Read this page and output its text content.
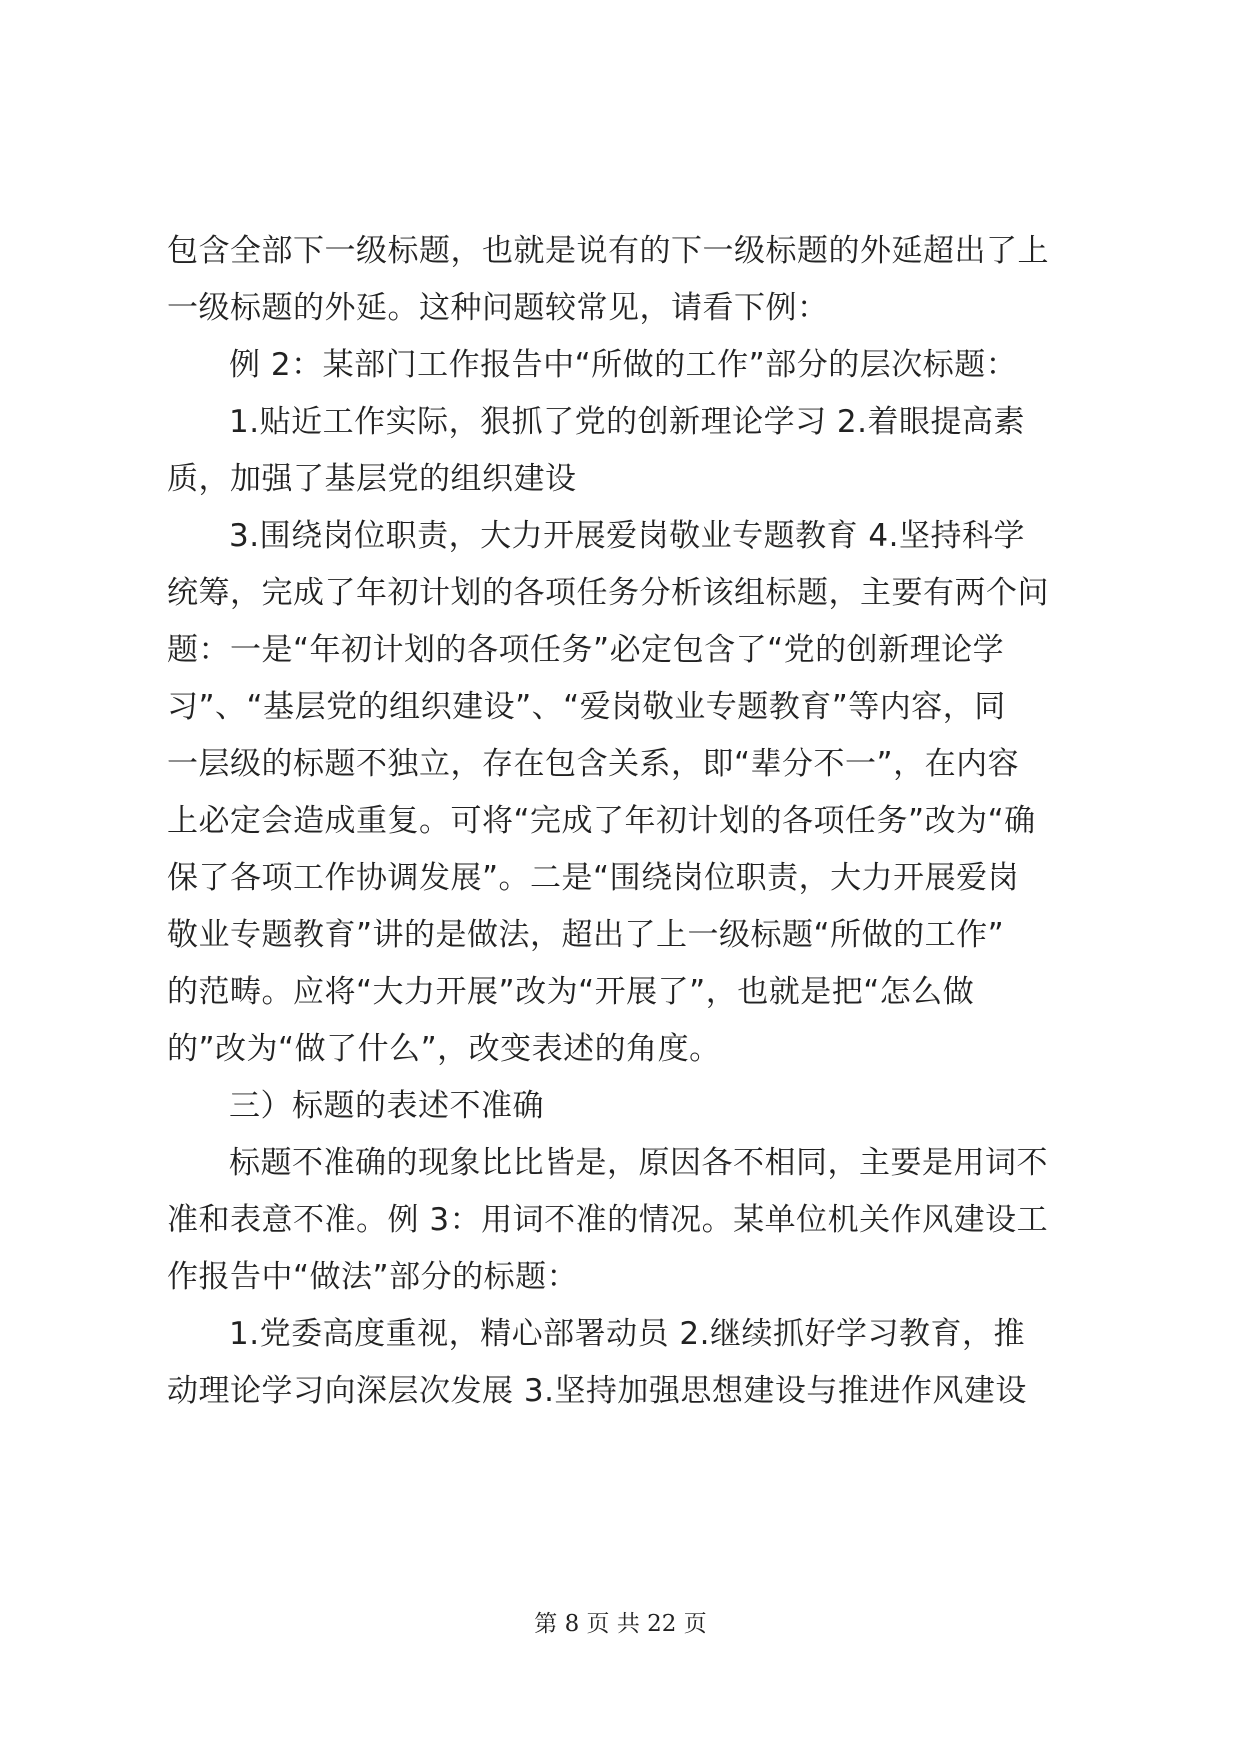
包含全部下一级标题，也就是说有的下一级标题的外延超出了上
一级标题的外延。这种问题较常见，请看下例：
例 2：某部门工作报告中“所做的工作”部分的层次标题：
1.贴近工作实际，狠抓了党的创新理论学习 2.着眼提高素
质，加强了基层党的组织建设
3.围绕岗位职责，大力开展爱岗敬业专题教育 4.坚持科学
统筹，完成了年初计划的各项任务分析该组标题，主要有两个问
题：一是“年初计划的各项任务”必定包含了“党的创新理论学
习”、“基层党的组织建设”、“爱岗敬业专题教育”等内容，同
一层级的标题不独立，存在包含关系，即“辈分不一”，在内容
上必定会造成重复。可将“完成了年初计划的各项任务”改为“确
保了各项工作协调发展”。二是“围绕岗位职责，大力开展爱岗
敬业专题教育”讲的是做法，超出了上一级标题“所做的工作”
的范畴。应将“大力开展”改为“开展了”，也就是把“怎么做
的”改为“做了什么”，改变表述的角度。
三）标题的表述不准确
标题不准确的现象比比皆是，原因各不相同，主要是用词不
准和表意不准。例 3：用词不准的情况。某单位机关作风建设工
作报告中“做法”部分的标题：
1.党委高度重视，精心部署动员 2.继续抓好学习教育，推
动理论学习向深层次发展 3.坚持加强思想建设与推进作风建设
第 8 页 共 22 页
